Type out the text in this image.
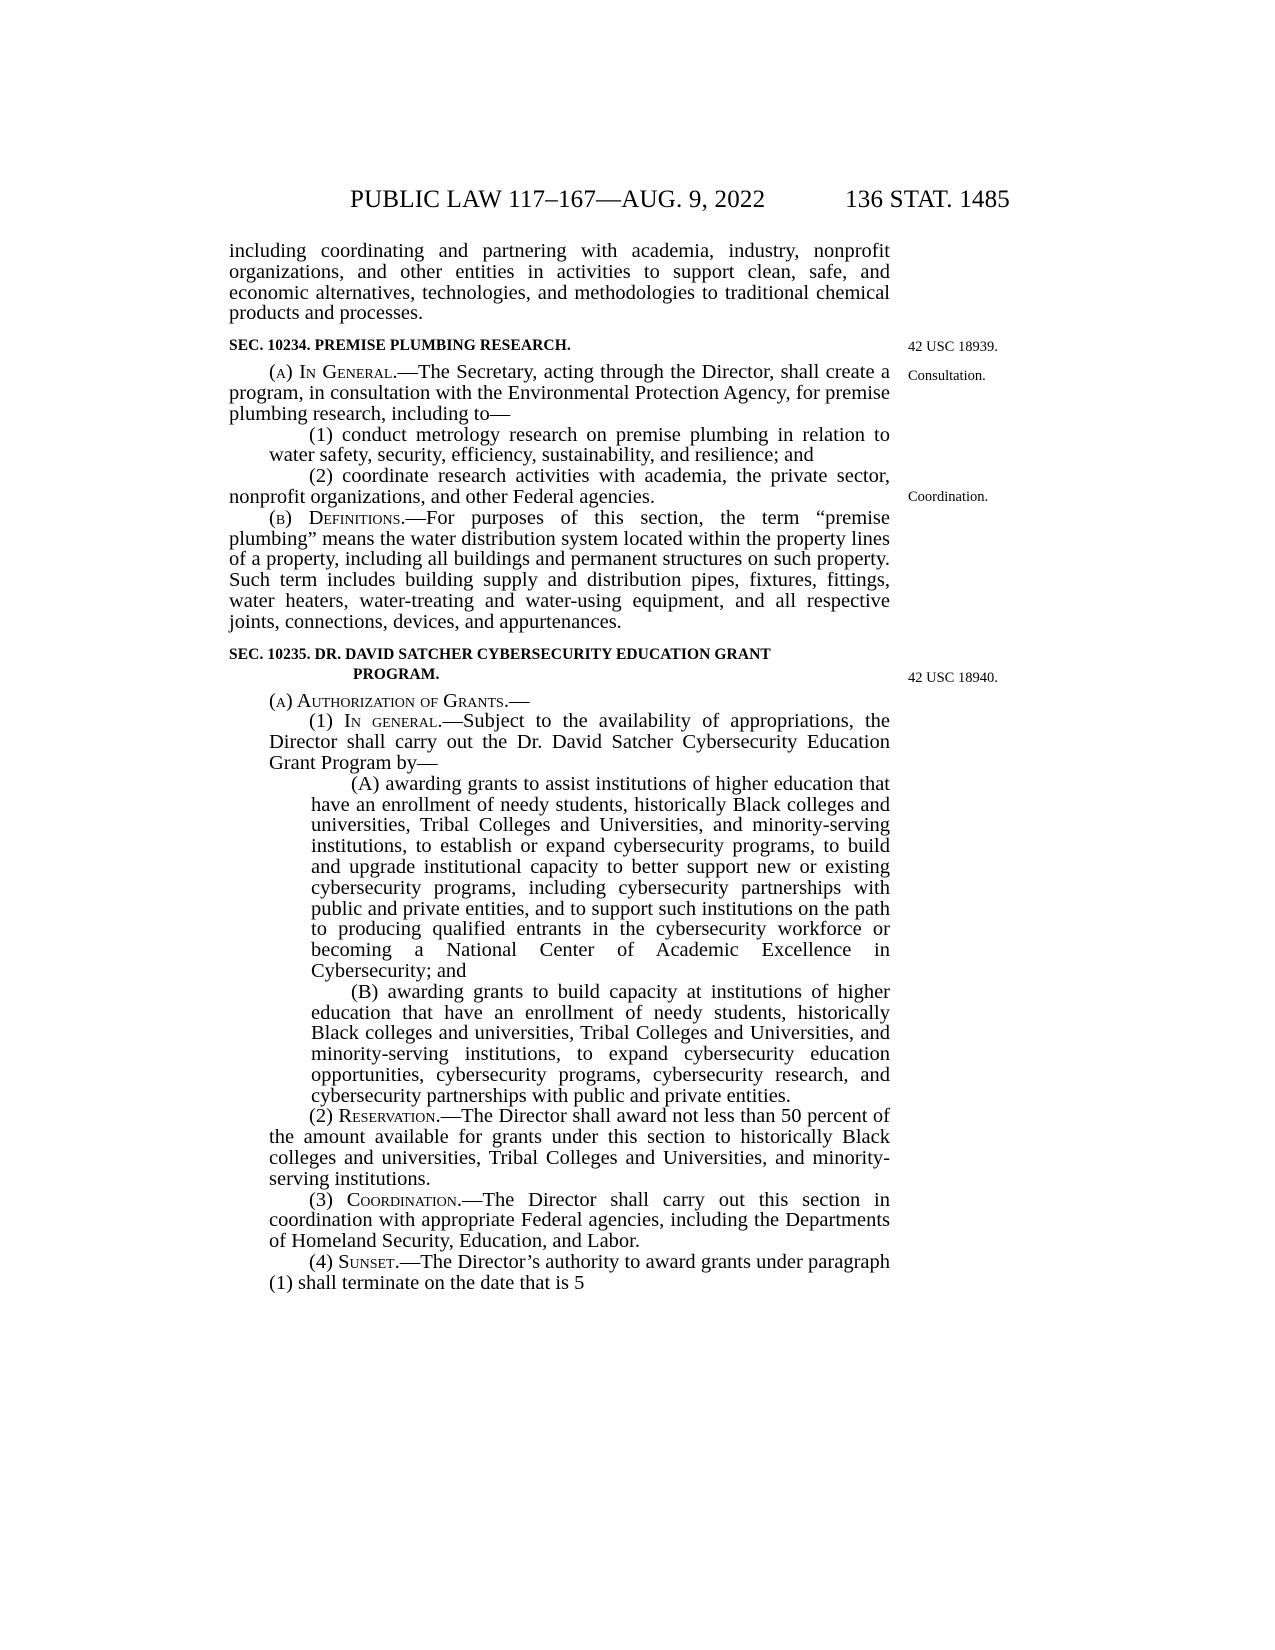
PUBLIC LAW 117–167—AUG. 9, 2022	136 STAT. 1485

including coordinating and partnering with academia, industry, nonprofit organizations, and other entities in activities to support clean, safe, and economic alternatives, technologies, and methodologies to traditional chemical products and processes.

SEC. 10234. PREMISE PLUMBING RESEARCH.

(a) In General.—The Secretary, acting through the Director, shall create a program, in consultation with the Environmental Protection Agency, for premise plumbing research, including to—

(1) conduct metrology research on premise plumbing in relation to water safety, security, efficiency, sustainability, and resilience; and

(2) coordinate research activities with academia, the private sector, nonprofit organizations, and other Federal agencies.

(b) Definitions.—For purposes of this section, the term “premise plumbing” means the water distribution system located within the property lines of a property, including all buildings and permanent structures on such property. Such term includes building supply and distribution pipes, fixtures, fittings, water heaters, water-treating and water-using equipment, and all respective joints, connections, devices, and appurtenances.

SEC. 10235. DR. DAVID SATCHER CYBERSECURITY EDUCATION GRANT
PROGRAM.

(a) Authorization of Grants.—

(1) In general.—Subject to the availability of appropriations, the Director shall carry out the Dr. David Satcher Cybersecurity Education Grant Program by—

(A) awarding grants to assist institutions of higher education that have an enrollment of needy students, historically Black colleges and universities, Tribal Colleges and Universities, and minority-serving institutions, to establish or expand cybersecurity programs, to build and upgrade institutional capacity to better support new or existing cybersecurity programs, including cybersecurity partnerships with public and private entities, and to support such institutions on the path to producing qualified entrants in the cybersecurity workforce or becoming a National Center of Academic Excellence in Cybersecurity; and

(B) awarding grants to build capacity at institutions of higher education that have an enrollment of needy students, historically Black colleges and universities, Tribal Colleges and Universities, and minority-serving institutions, to expand cybersecurity education opportunities, cybersecurity programs, cybersecurity research, and cybersecurity partnerships with public and private entities.

(2) Reservation.—The Director shall award not less than 50 percent of the amount available for grants under this section to historically Black colleges and universities, Tribal Colleges and Universities, and minority-serving institutions.

(3) Coordination.—The Director shall carry out this section in coordination with appropriate Federal agencies, including the Departments of Homeland Security, Education, and Labor.

(4) Sunset.—The Director’s authority to award grants under paragraph (1) shall terminate on the date that is 5

42 USC 18939.
Consultation.
Coordination.
42 USC 18940.
